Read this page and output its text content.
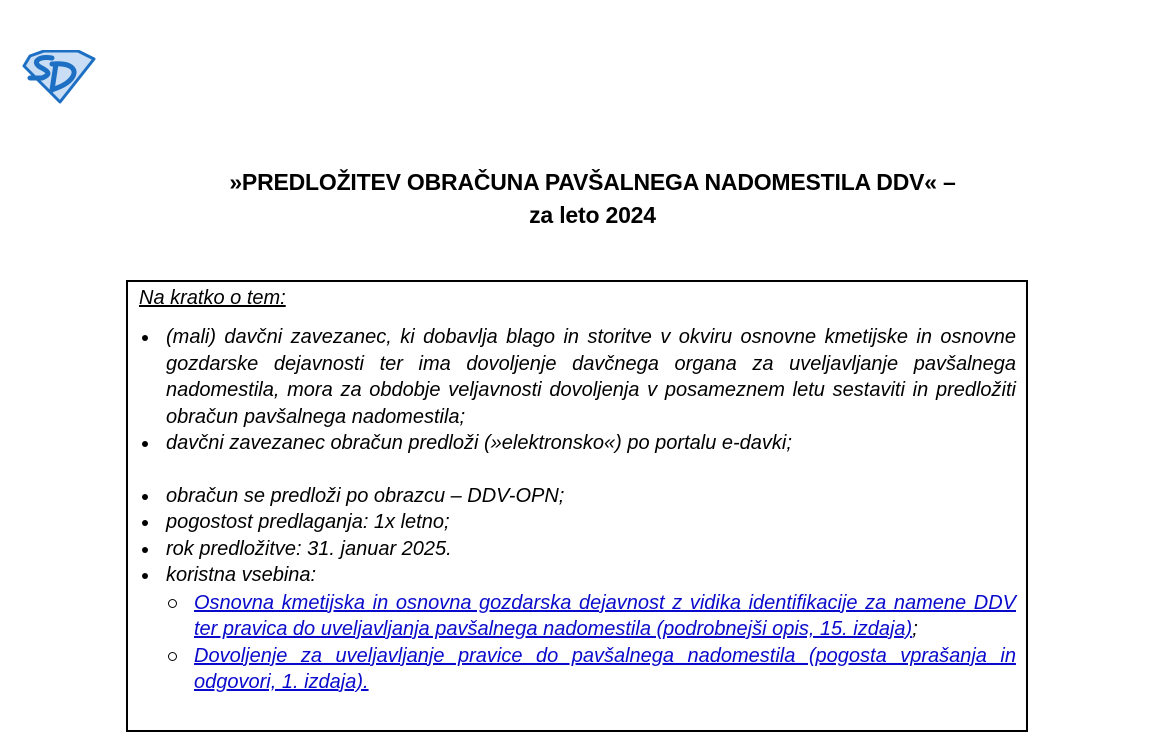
»PREDLOŽITEV OBRAČUNA PAVŠALNEGA NADOMESTILA DDV« –
za leto 2024
Na kratko o tem:
(mali) davčni zavezanec, ki dobavlja blago in storitve v okviru osnovne kmetijske in osnovne gozdarske dejavnosti ter ima dovoljenje davčnega organa za uveljavljanje pavšalnega nadomestila, mora za obdobje veljavnosti dovoljenja v posameznem letu sestaviti in predložiti obračun pavšalnega nadomestila;
davčni zavezanec obračun predloži (»elektronsko«) po portalu e-davki;
obračun se predloži po obrazcu – DDV-OPN;
pogostost predlaganja: 1x letno;
rok predložitve: 31. januar 2025.
koristna vsebina:
Osnovna kmetijska in osnovna gozdarska dejavnost z vidika identifikacije za namene DDV ter pravica do uveljavljanja pavšalnega nadomestila (podrobnejši opis, 15. izdaja);
Dovoljenje za uveljavljanje pravice do pavšalnega nadomestila (pogosta vprašanja in odgovori, 1. izdaja).
